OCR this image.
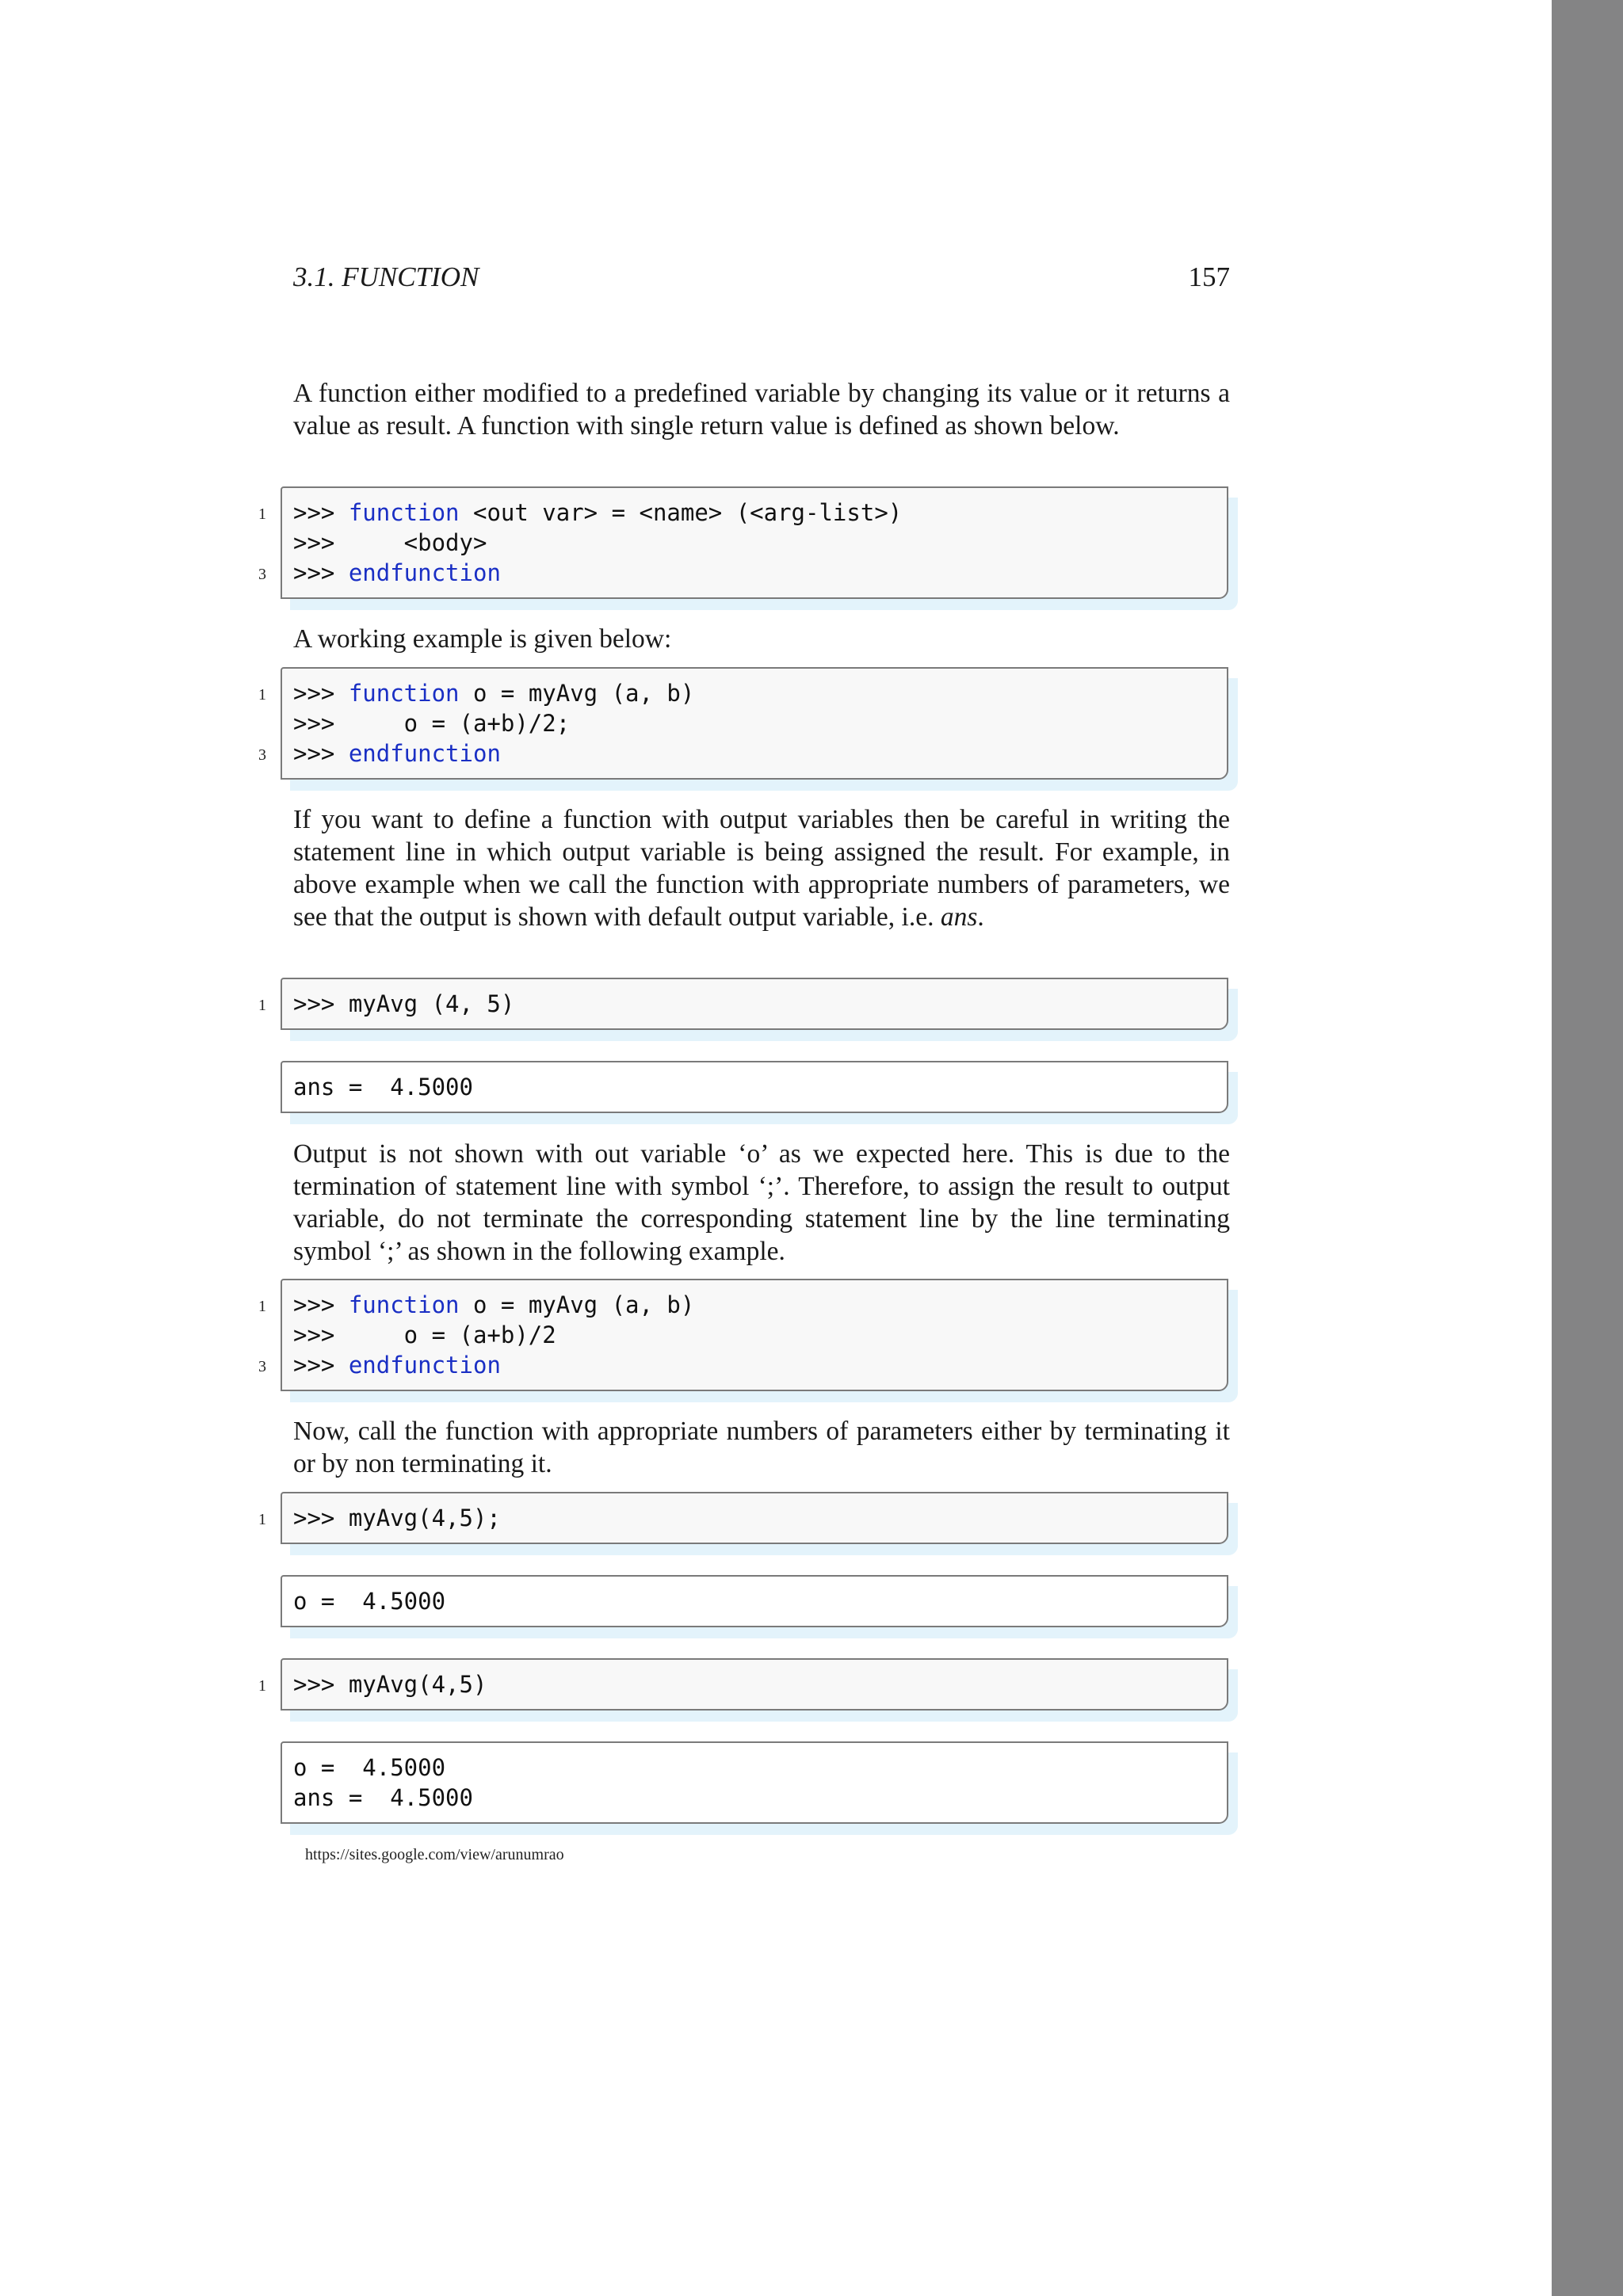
3.1. FUNCTION	157

A function either modified to a predefined variable by changing its value or it returns a value as result. A function with single return value is defined as shown below.

1

>>> function <out var> = <name> (<arg-list>)

>>>     <body>

3

>>> endfunction

A working example is given below:

1

>>> function o = myAvg (a, b)

>>>     o = (a+b)/2;

3

>>> endfunction

If you want to define a function with output variables then be careful in writing the statement line in which output variable is being assigned the result. For example, in above example when we call the function with appropriate numbers of parameters, we see that the output is shown with default output variable, i.e. ans.

1

>>> myAvg (4, 5)

ans =  4.5000

Output is not shown with out variable ‘o’ as we expected here. This is due to the termination of statement line with symbol ‘;’. Therefore, to assign the result to output variable, do not terminate the corresponding statement line by the line terminating symbol ‘;’ as shown in the following example.

1

>>> function o = myAvg (a, b)

>>>     o = (a+b)/2

3

>>> endfunction

Now, call the function with appropriate numbers of parameters either by terminating it or by non terminating it.

1

>>> myAvg(4,5);

o =  4.5000

1

>>> myAvg(4,5)

o =  4.5000

ans =  4.5000

https://sites.google.com/view/arunumrao
